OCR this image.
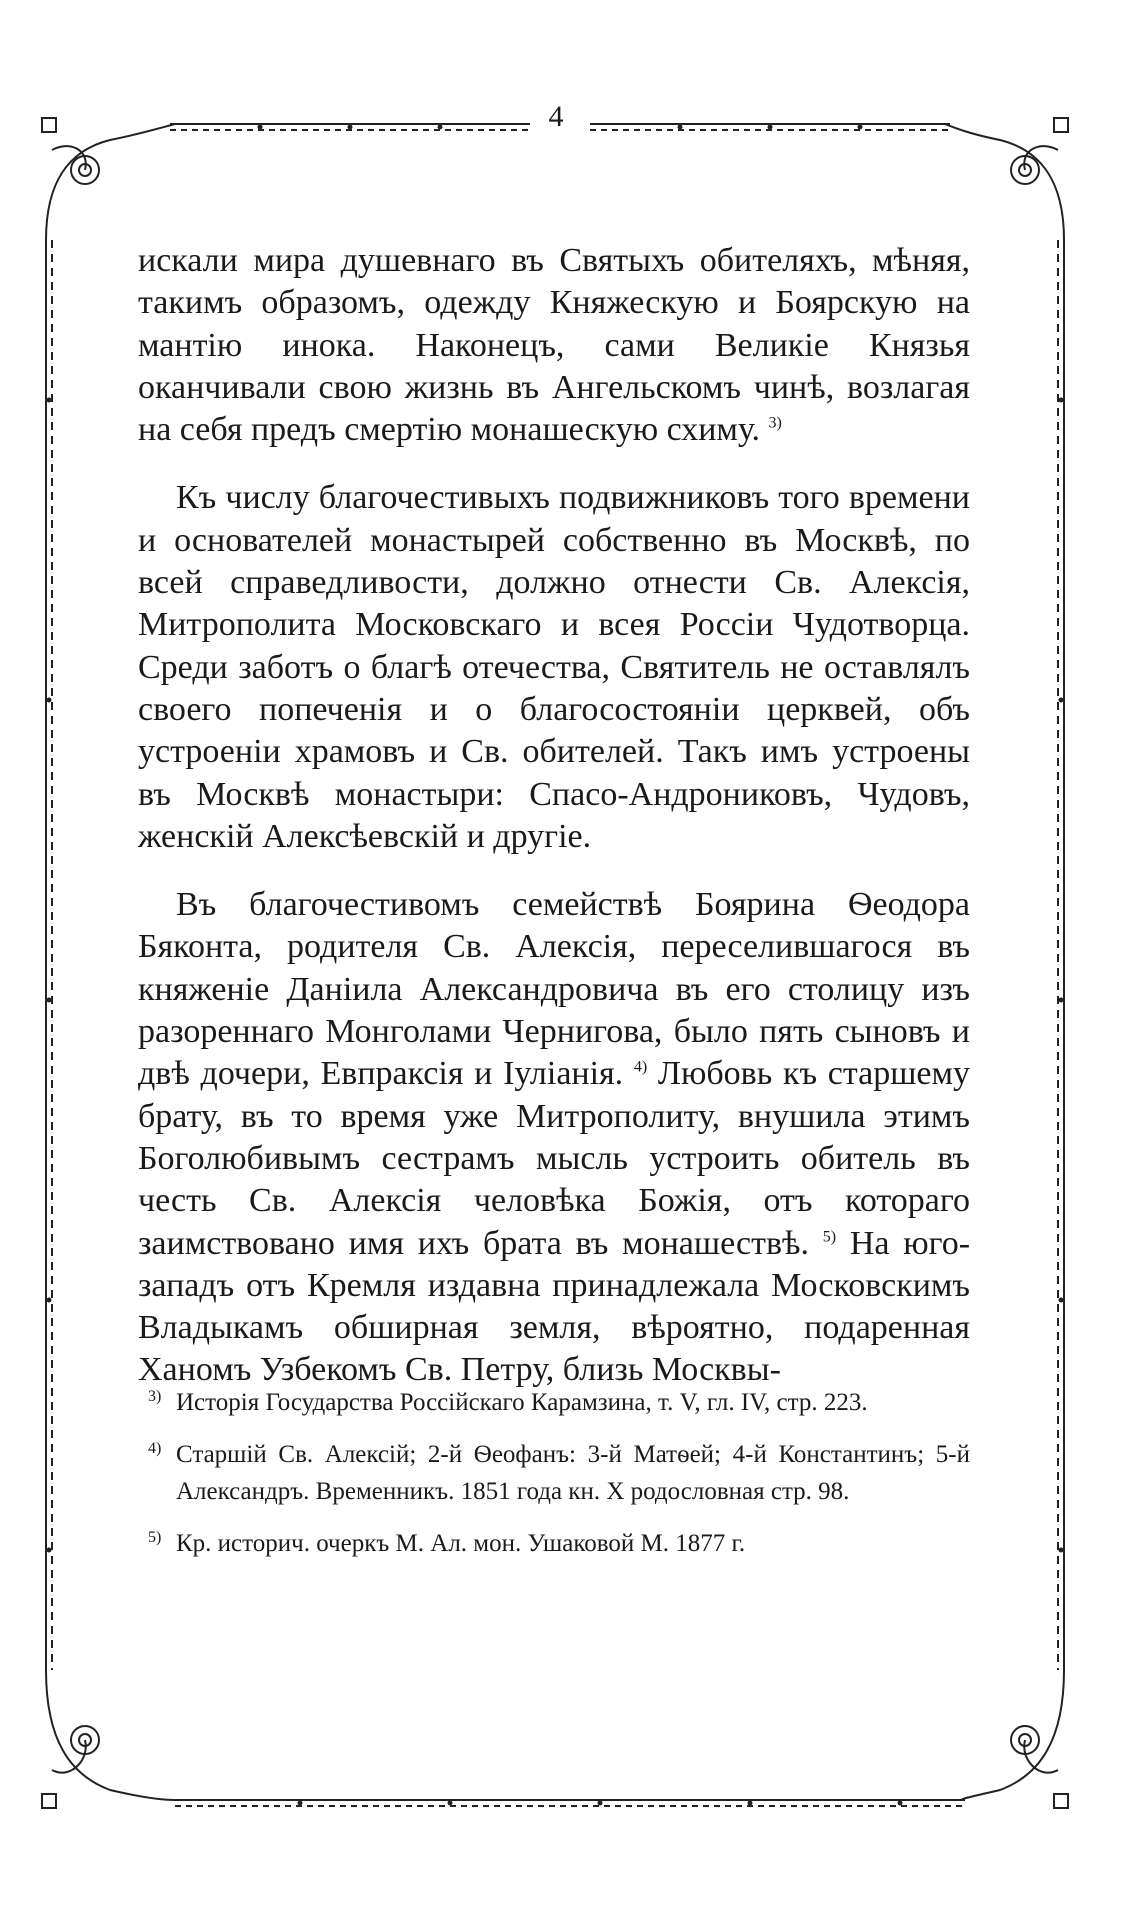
4

искали мира душевнаго въ Святыхъ обителяхъ, мѣняя, такимъ образомъ, одежду Княжескую и Боярскую на мантію инока. Наконецъ, сами Великіе Князья оканчивали свою жизнь въ Ангельскомъ чинѣ, возлагая на себя предъ смертію монашескую схиму. $^{3)}$

Къ числу благочестивыхъ подвижниковъ того времени и основателей монастырей собственно въ Москвѣ, по всей справедливости, должно отнести Св. Алексія, Митрополита Московскаго и всея Россіи Чудотворца. Среди заботъ о благѣ отечества, Святитель не оставлялъ своего попеченія и о благосостояніи церквей, объ устроеніи храмовъ и Св. обителей. Такъ имъ устроены въ Москвѣ монастыри: Спасо-Андрониковъ, Чудовъ, женскій Алексѣевскій и другіе.

Въ благочестивомъ семействѣ Боярина Ѳеодора Бяконта, родителя Св. Алексія, переселившагося въ княженіе Даніила Александровича въ его столицу изъ разореннаго Монголами Чернигова, было пять сыновъ и двѣ дочери, Евпраксія и Іуліанія. $^{4)}$ Любовь къ старшему брату, въ то время уже Митрополиту, внушила этимъ Боголюбивымъ сестрамъ мысль устроить обитель въ честь Св. Алексія человѣка Божія, отъ котораго заимствовано имя ихъ брата въ монашествѣ. $^{5)}$ На юго-западъ отъ Кремля издавна принадлежала Московскимъ Владыкамъ обширная земля, вѣроятно, подаренная Ханомъ Узбекомъ Св. Петру, близь Москвы-

3) Исторія Государства Россійскаго Карамзина, т. V, гл. IV, стр. 223.

4) Старшій Св. Алексій; 2-й Ѳеофанъ: 3-й Матѳей; 4-й Константинъ; 5-й Александръ. Временникъ. 1851 года кн. X родословная стр. 98.

5) Кр. историч. очеркъ М. Ал. мон. Ушаковой М. 1877 г.
